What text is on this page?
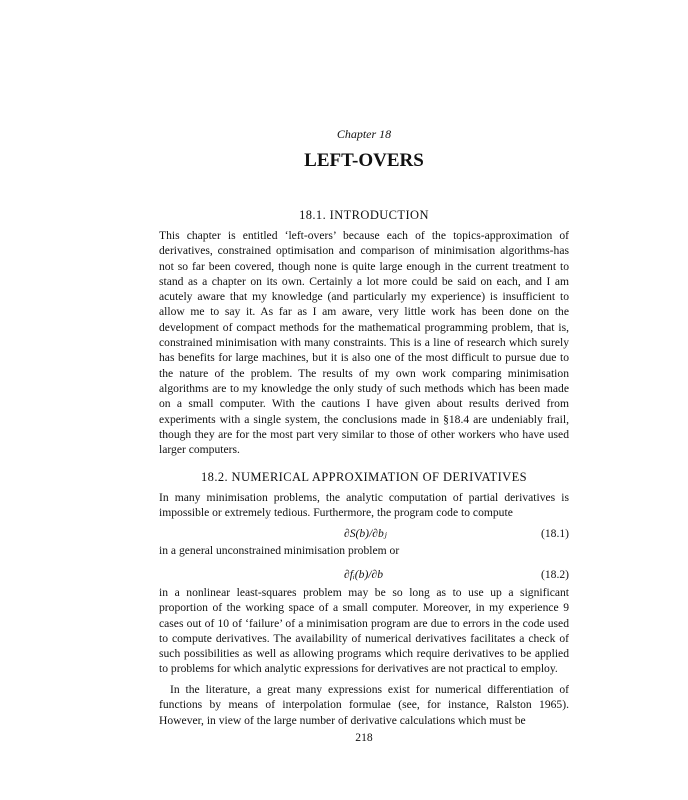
Chapter 18
LEFT-OVERS
18.1. INTRODUCTION

This chapter is entitled ‘left-overs’ because each of the topics-approximation of derivatives, constrained optimisation and comparison of minimisation algorithms-has not so far been covered, though none is quite large enough in the current treatment to stand as a chapter on its own. Certainly a lot more could be said on each, and I am acutely aware that my knowledge (and particularly my experience) is insufficient to allow me to say it. As far as I am aware, very little work has been done on the development of compact methods for the mathematical programming problem, that is, constrained minimisation with many constraints. This is a line of research which surely has benefits for large machines, but it is also one of the most difficult to pursue due to the nature of the problem. The results of my own work comparing minimisation algorithms are to my knowledge the only study of such methods which has been made on a small computer. With the cautions I have given about results derived from experiments with a single system, the conclusions made in §18.4 are undeniably frail, though they are for the most part very similar to those of other workers who have used larger computers.

18.2. NUMERICAL APPROXIMATION OF DERIVATIVES

In many minimisation problems, the analytic computation of partial derivatives is impossible or extremely tedious. Furthermore, the program code to compute

∂S(b)/∂bⱼ	(18.1)

in a general unconstrained minimisation problem or

∂fᵢ(b)/∂b	(18.2)

in a nonlinear least-squares problem may be so long as to use up a significant proportion of the working space of a small computer. Moreover, in my experience 9 cases out of 10 of ‘failure’ of a minimisation program are due to errors in the code used to compute derivatives. The availability of numerical derivatives facilitates a check of such possibilities as well as allowing programs which require derivatives to be applied to problems for which analytic expressions for derivatives are not practical to employ.

In the literature, a great many expressions exist for numerical differentiation of functions by means of interpolation formulae (see, for instance, Ralston 1965). However, in view of the large number of derivative calculations which must be

218
